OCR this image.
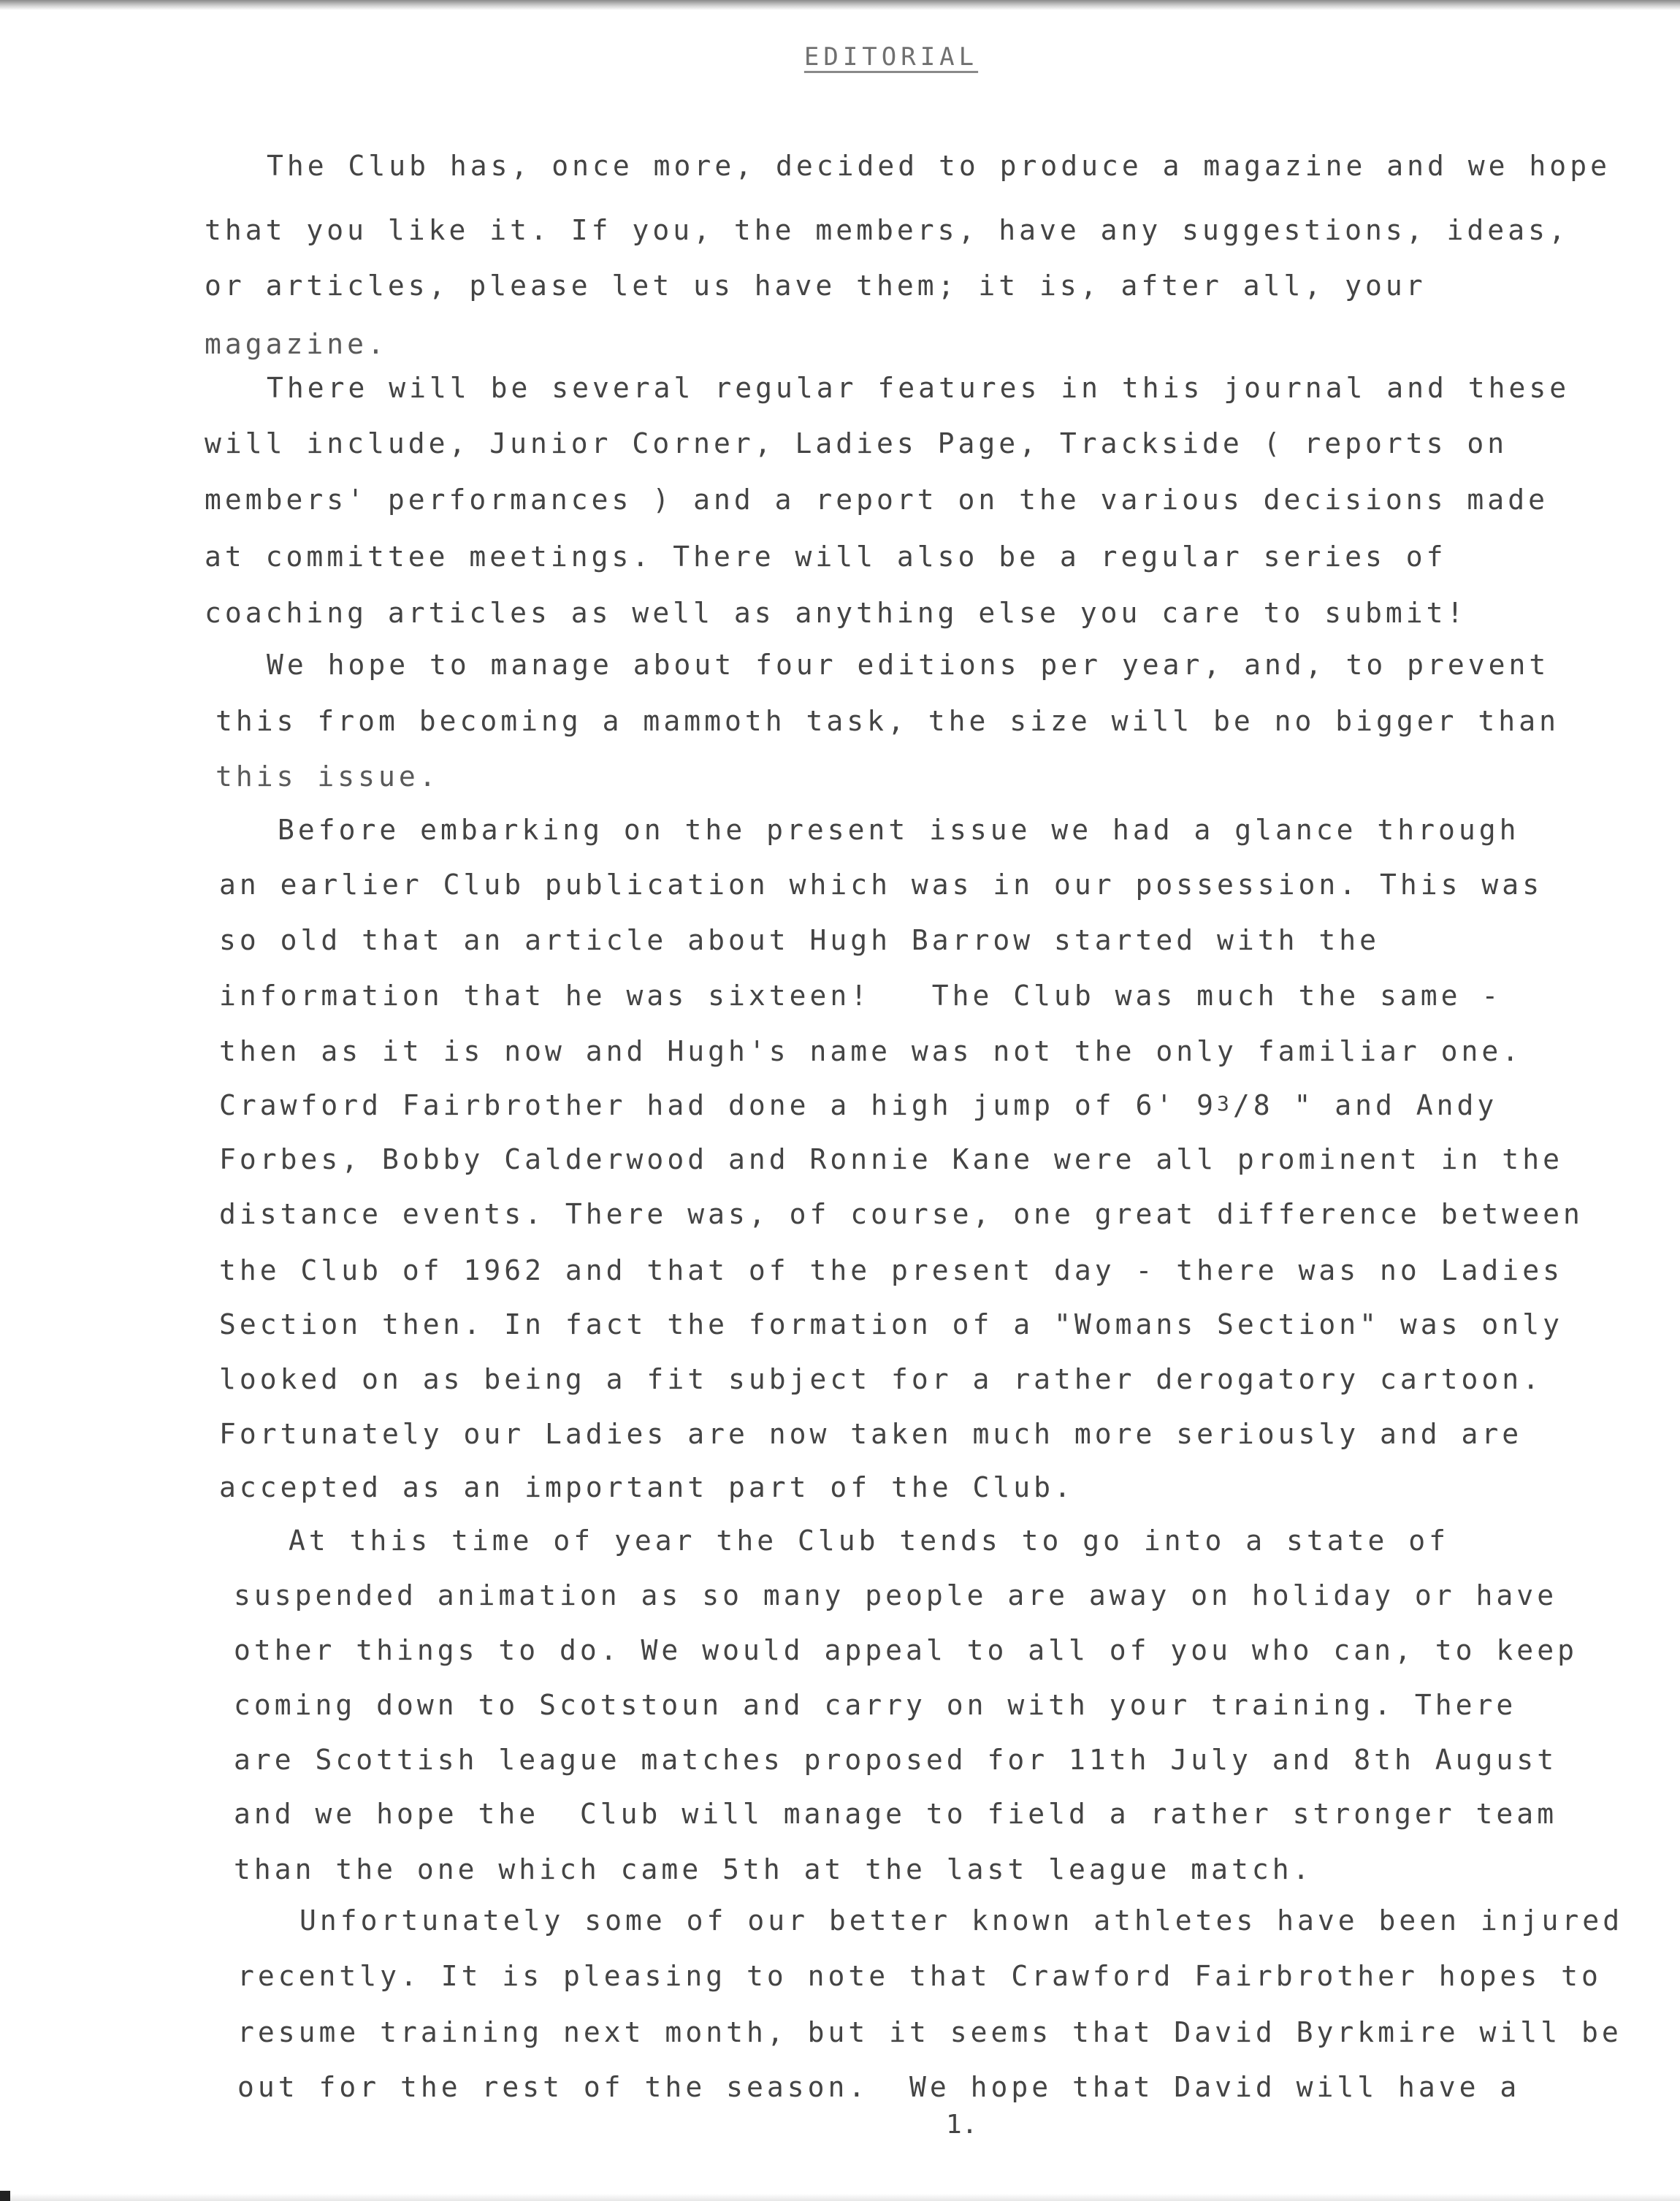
EDITORIAL
The Club has, once more, decided to produce a magazine and we hope
that you like it. If you, the members, have any suggestions, ideas,
or articles, please let us have them; it is, after all, your
magazine.
There will be several regular features in this journal and these
will include, Junior Corner, Ladies Page, Trackside ( reports on
members' performances ) and a report on the various decisions made
at committee meetings. There will also be a regular series of
coaching articles as well as anything else you care to submit!
We hope to manage about four editions per year, and, to prevent
this from becoming a mammoth task, the size will be no bigger than
this issue.
Before embarking on the present issue we had a glance through
an earlier Club publication which was in our possession. This was
so old that an article about Hugh Barrow started with the
information that he was sixteen!   The Club was much the same -
then as it is now and Hugh's name was not the only familiar one.
Crawford Fairbrother had done a high jump of 6' $9^3/8$ " and Andy
Forbes, Bobby Calderwood and Ronnie Kane were all prominent in the
distance events. There was, of course, one great difference between
the Club of 1962 and that of the present day - there was no Ladies
Section then. In fact the formation of a "Womans Section" was only
looked on as being a fit subject for a rather derogatory cartoon.
Fortunately our Ladies are now taken much more seriously and are
accepted as an important part of the Club.
At this time of year the Club tends to go into a state of
suspended animation as so many people are away on holiday or have
other things to do. We would appeal to all of you who can, to keep
coming down to Scotstoun and carry on with your training. There
are Scottish league matches proposed for 11th July and 8th August
and we hope the  Club will manage to field a rather stronger team
than the one which came 5th at the last league match.
Unfortunately some of our better known athletes have been injured
recently. It is pleasing to note that Crawford Fairbrother hopes to
resume training next month, but it seems that David Byrkmire will be
out for the rest of the season.  We hope that David will have a
1.
